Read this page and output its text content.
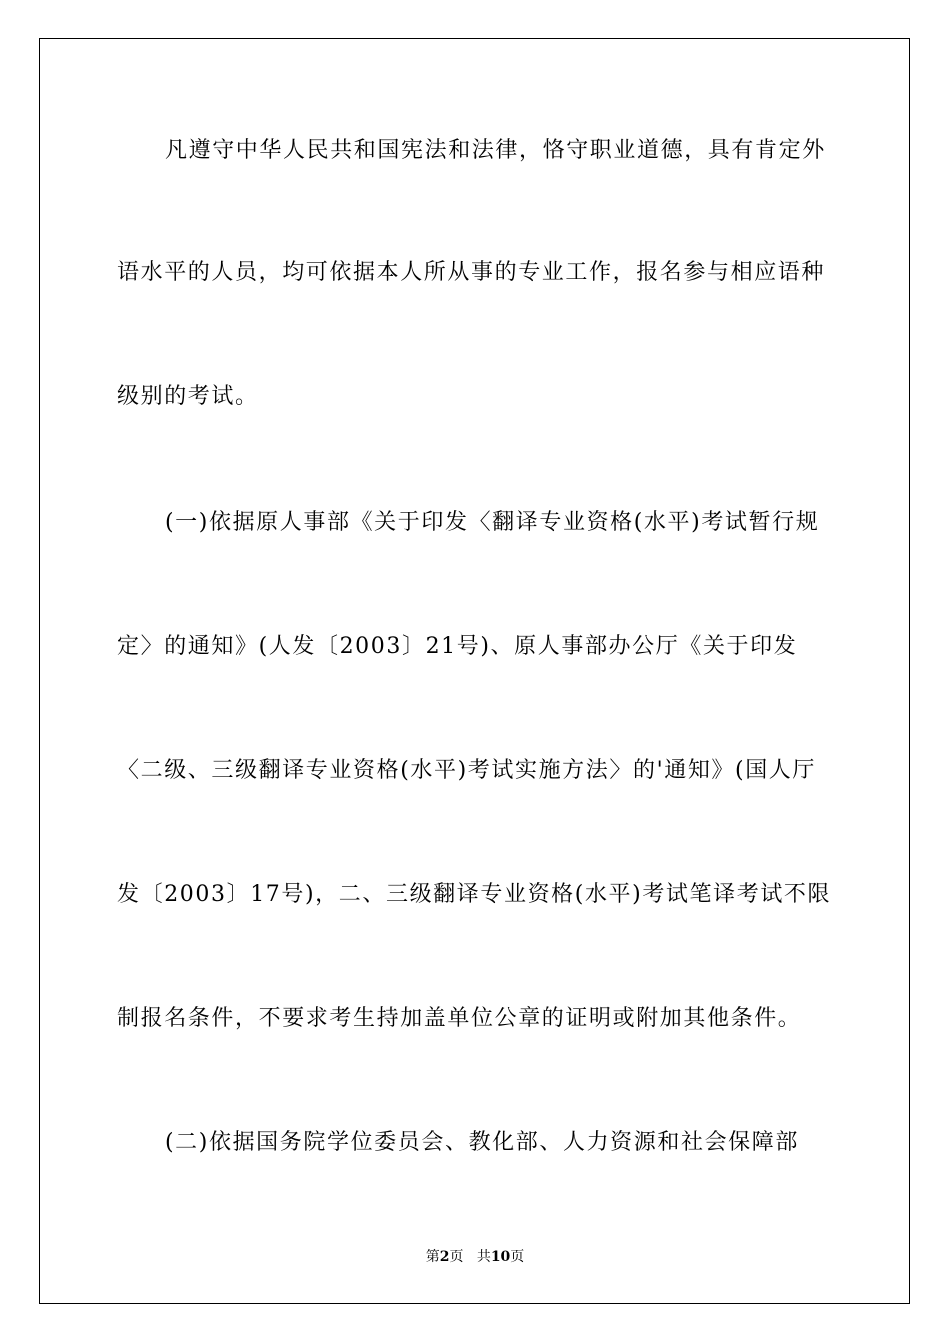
凡遵守中华人民共和国宪法和法律，恪守职业道德，具有肯定外
语水平的人员，均可依据本人所从事的专业工作，报名参与相应语种
级别的考试。
(一)依据原人事部《关于印发〈翻译专业资格(水平)考试暂行规
定〉的通知》(人发〔2003〕21号)、原人事部办公厅《关于印发
〈二级、三级翻译专业资格(水平)考试实施方法〉的'通知》(国人厅
发〔2003〕17号)，二、三级翻译专业资格(水平)考试笔译考试不限
制报名条件，不要求考生持加盖单位公章的证明或附加其他条件。
(二)依据国务院学位委员会、教化部、人力资源和社会保障部
第2页 共10页
